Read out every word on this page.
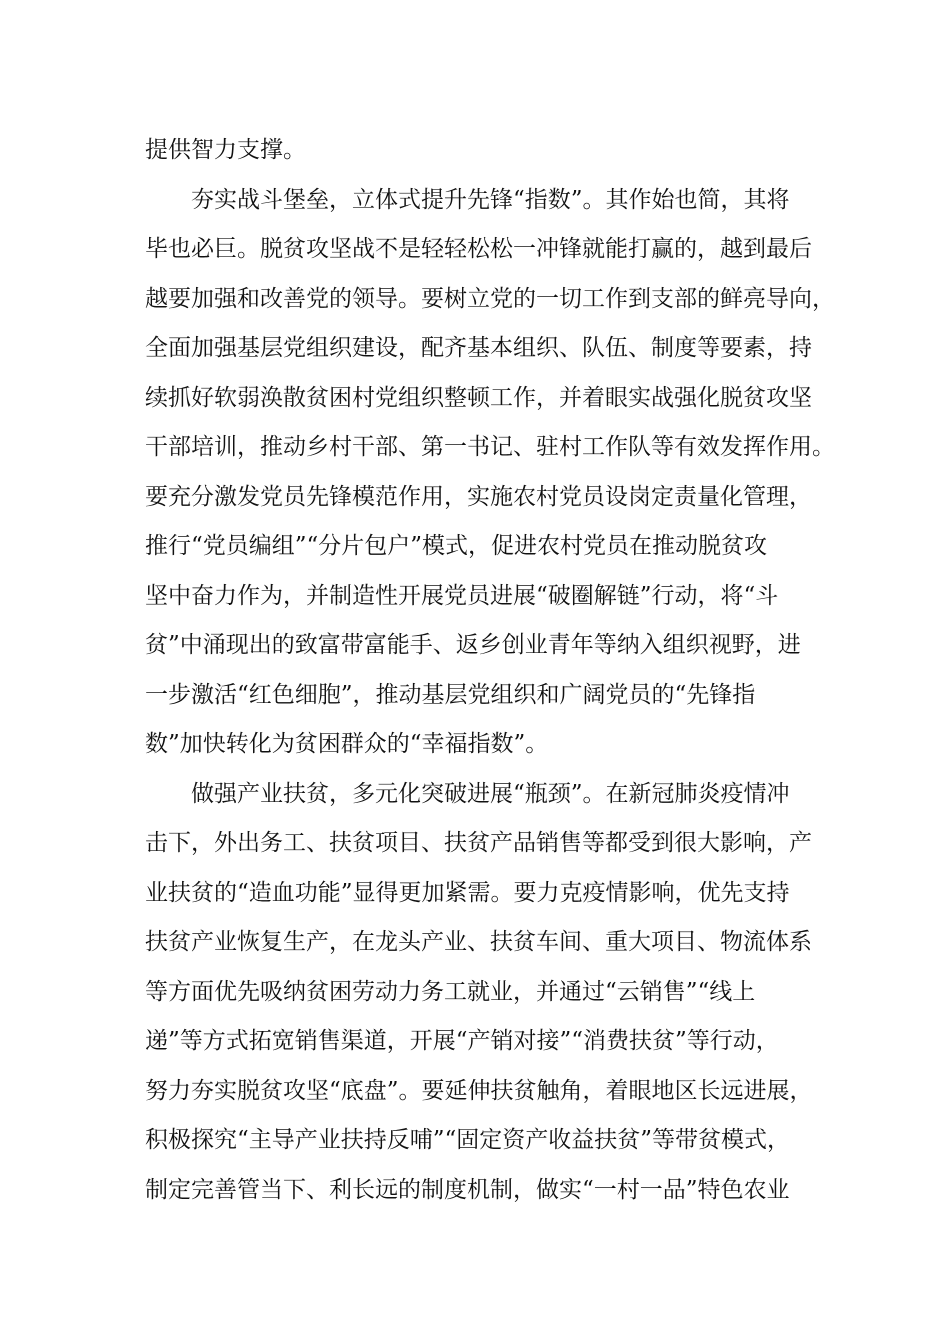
提供智力支撑。
夯实战斗堡垒，立体式提升先锋“指数”。其作始也简，其将
毕也必巨。脱贫攻坚战不是轻轻松松一冲锋就能打赢的，越到最后
越要加强和改善党的领导。要树立党的一切工作到支部的鲜亮导向，
全面加强基层党组织建设，配齐基本组织、队伍、制度等要素，持
续抓好软弱涣散贫困村党组织整顿工作，并着眼实战强化脱贫攻坚
干部培训，推动乡村干部、第一书记、驻村工作队等有效发挥作用。
要充分激发党员先锋模范作用，实施农村党员设岗定责量化管理，
推行“党员编组”“分片包户”模式，促进农村党员在推动脱贫攻
坚中奋力作为，并制造性开展党员进展“破圈解链”行动，将“斗
贫”中涌现出的致富带富能手、返乡创业青年等纳入组织视野，进
一步激活“红色细胞”，推动基层党组织和广阔党员的“先锋指
数”加快转化为贫困群众的“幸福指数”。
做强产业扶贫，多元化突破进展“瓶颈”。在新冠肺炎疫情冲
击下，外出务工、扶贫项目、扶贫产品销售等都受到很大影响，产
业扶贫的“造血功能”显得更加紧需。要力克疫情影响，优先支持
扶贫产业恢复生产，在龙头产业、扶贫车间、重大项目、物流体系
等方面优先吸纳贫困劳动力务工就业，并通过“云销售”“线上
递”等方式拓宽销售渠道，开展“产销对接”“消费扶贫”等行动，
努力夯实脱贫攻坚“底盘”。要延伸扶贫触角，着眼地区长远进展，
积极探究“主导产业扶持反哺”“固定资产收益扶贫”等带贫模式，
制定完善管当下、利长远的制度机制，做实“一村一品”特色农业
